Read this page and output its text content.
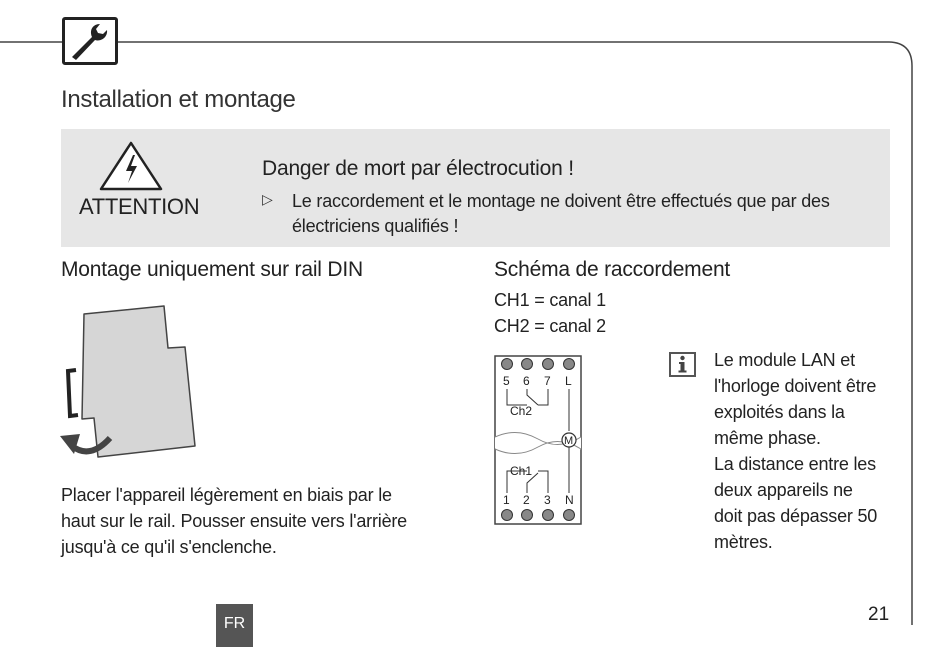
Installation et montage
ATTENTION
Danger de mort par électrocution !
▷ Le raccordement et le montage ne doivent être effectués que par des électriciens qualifiés !
Montage uniquement sur rail DIN
Placer l'appareil légèrement en biais par le
haut sur le rail. Pousser ensuite vers l'arrière
jusqu'à ce qu'il s'enclenche.
Schéma de raccordement
CH1 = canal 1
CH2 = canal 2
5 6 7 L
Ch2
M
Ch1
1 2 3 N
Le module LAN et
l'horloge doivent être
exploités dans la
même phase.
La distance entre les
deux appareils ne
doit pas dépasser 50
mètres.
FR	21
